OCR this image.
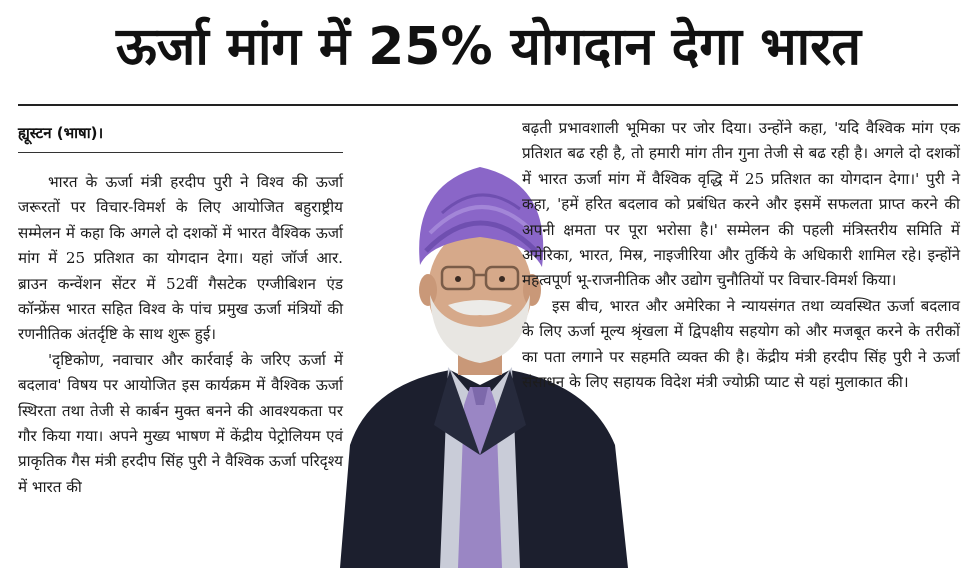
ऊर्जा मांग में 25% योगदान देगा भारत
ह्यूस्टन (भाषा)।

भारत के ऊर्जा मंत्री हरदीप पुरी ने विश्व की ऊर्जा जरूरतों पर विचार-विमर्श के लिए आयोजित बहुराष्ट्रीय सम्मेलन में कहा कि अगले दो दशकों में भारत वैश्विक ऊर्जा मांग में 25 प्रतिशत का योगदान देगा। यहां जॉर्ज आर. ब्राउन कन्वेंशन सेंटर में 52वीं गैसटेक एग्जीबिशन एंड कॉन्फ्रेंस भारत सहित विश्व के पांच प्रमुख ऊर्जा मंत्रियों की रणनीतिक अंतर्दृष्टि के साथ शुरू हुई।

'दृष्टिकोण, नवाचार और कार्रवाई के जरिए ऊर्जा में बदलाव' विषय पर आयोजित इस कार्यक्रम में वैश्विक ऊर्जा स्थिरता तथा तेजी से कार्बन मुक्त बनने की आवश्यकता पर गौर किया गया। अपने मुख्य भाषण में केंद्रीय पेट्रोलियम एवं प्राकृतिक गैस मंत्री हरदीप सिंह पुरी ने वैश्विक ऊर्जा परिदृश्य में भारत की

बढ़ती प्रभावशाली भूमिका पर जोर दिया। उन्होंने कहा, 'यदि वैश्विक मांग एक प्रतिशत बढ रही है, तो हमारी मांग तीन गुना तेजी से बढ रही है। अगले दो दशकों में भारत ऊर्जा मांग में वैश्विक वृद्धि में 25 प्रतिशत का योगदान देगा।' पुरी ने कहा, 'हमें हरित बदलाव को प्रबंधित करने और इसमें सफलता प्राप्त करने की अपनी क्षमता पर पूरा भरोसा है।' सम्मेलन की पहली मंत्रिस्तरीय समिति में अमेरिका, भारत, मिस्र, नाइजीरिया और तुर्किये के अधिकारी शामिल रहे। इन्होंने महत्वपूर्ण भू-राजनीतिक और उद्योग चुनौतियों पर विचार-विमर्श किया।

इस बीच, भारत और अमेरिका ने न्यायसंगत तथा व्यवस्थित ऊर्जा बदलाव के लिए ऊर्जा मूल्य श्रृंखला में द्विपक्षीय सहयोग को और मजबूत करने के तरीकों का पता लगाने पर सहमति व्यक्त की है। केंद्रीय मंत्री हरदीप सिंह पुरी ने ऊर्जा संसाधन के लिए सहायक विदेश मंत्री ज्योफ्री प्याट से यहां मुलाकात की।
